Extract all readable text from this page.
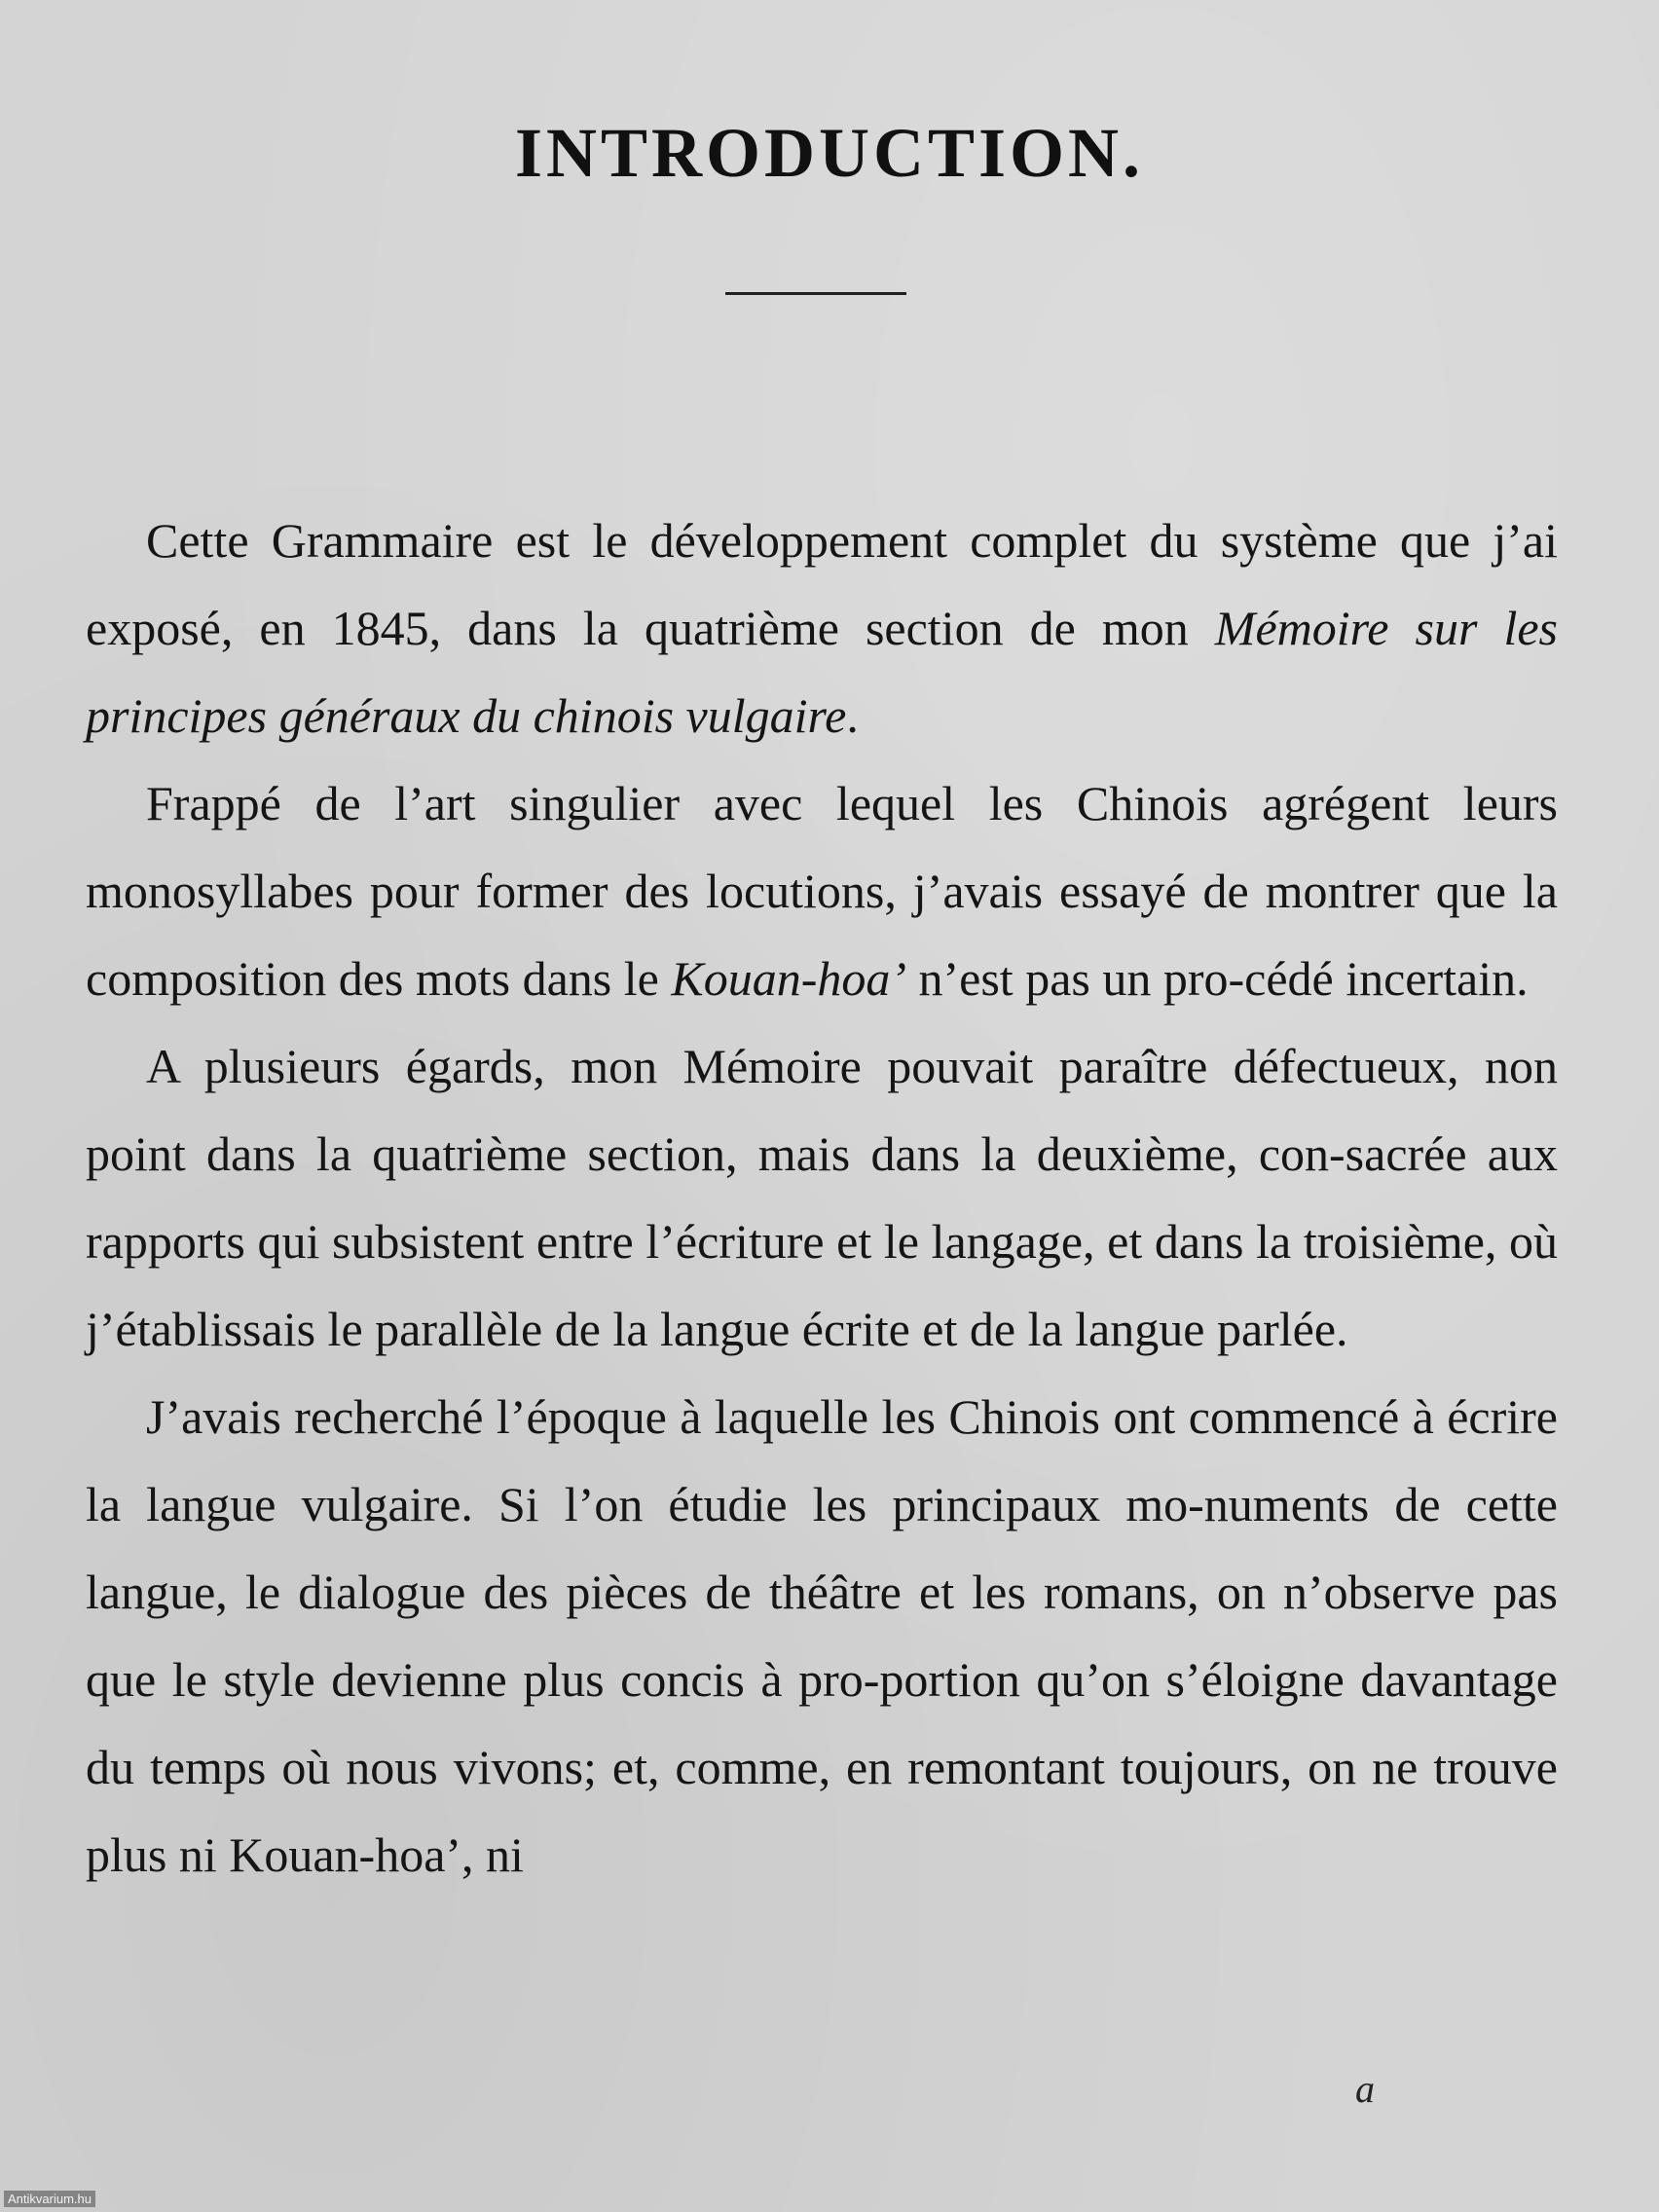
INTRODUCTION.

Cette Grammaire est le développement complet du système que j’ai exposé, en 1845, dans la quatrième section de mon Mémoire sur les principes généraux du chinois vulgaire.

Frappé de l’art singulier avec lequel les Chinois agrégent leurs monosyllabes pour former des locutions, j’avais essayé de montrer que la composition des mots dans le Kouan-hoa’ n’est pas un pro-cédé incertain.

A plusieurs égards, mon Mémoire pouvait paraître défectueux, non point dans la quatrième section, mais dans la deuxième, con-sacrée aux rapports qui subsistent entre l’écriture et le langage, et dans la troisième, où j’établissais le parallèle de la langue écrite et de la langue parlée.

J’avais recherché l’époque à laquelle les Chinois ont commencé à écrire la langue vulgaire. Si l’on étudie les principaux mo-numents de cette langue, le dialogue des pièces de théâtre et les romans, on n’observe pas que le style devienne plus concis à pro-portion qu’on s’éloigne davantage du temps où nous vivons; et, comme, en remontant toujours, on ne trouve plus ni Kouan-hoa’, ni

a
Antikvarium.hu
